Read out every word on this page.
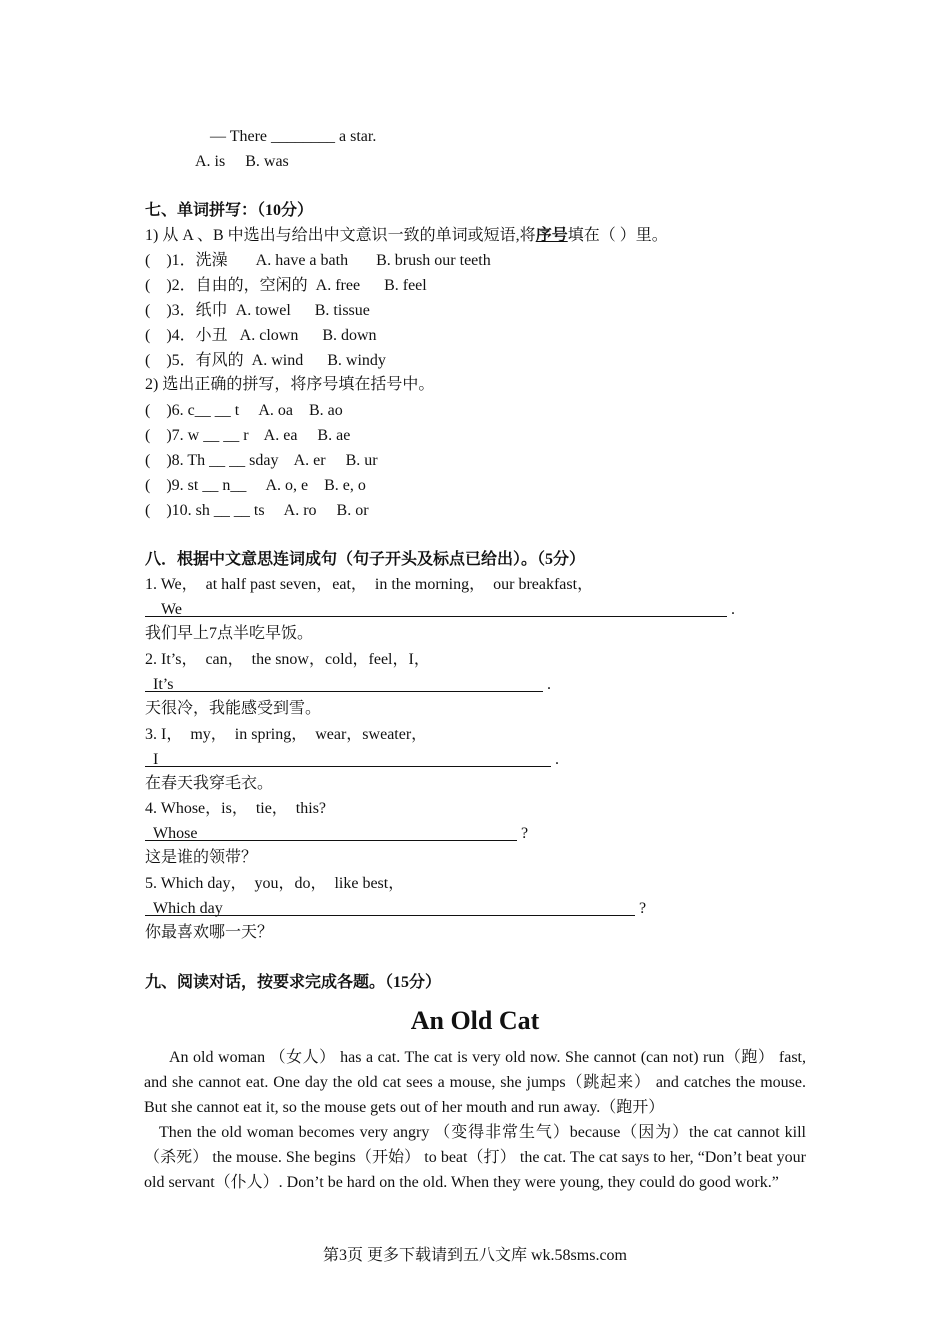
— There ________ a star.
A. is     B. was
七、单词拼写：（10分）
1) 从 A 、B 中选出与给出中文意识一致的单词或短语,将序号填在（ ）里。
(    )1．洗澡       A. have a bath       B. brush our teeth
(    )2．自由的，空闲的  A. free      B. feel
(    )3．纸巾  A. towel      B. tissue
(    )4．小丑   A. clown      B. down
(    )5．有风的  A. wind      B. windy
2) 选出正确的拼写，将序号填在括号中。
(    )6. c__ __ t     A. oa    B. ao
(    )7. w __ __ r    A. ea     B. ae
(    )8. Th __ __ sday    A. er     B. ur
(    )9. st __ n__     A. o, e    B. e, o
(    )10. sh __ __ ts     A. ro     B. or
八．根据中文意思连词成句（句子开头及标点已给出）。（5分）
1. We，  at half past seven，eat，  in the morning，  our breakfast，
We	.
我们早上7点半吃早饭。
2. It’s，  can，  the snow，cold，feel，I，
It’s	.
天很冷，我能感受到雪。
3. I，  my，  in spring，  wear，sweater，
I	.
在春天我穿毛衣。
4. Whose，is，  tie，  this?
Whose	?
这是谁的领带？
5. Which day，  you，do，  like best，
Which day	?
你最喜欢哪一天？
九、阅读对话，按要求完成各题。（15分）
An Old Cat
An old woman （女人） has a cat. The cat is very old now. She cannot (can not) run（跑） fast, and she cannot eat. One day the old cat sees a mouse, she jumps（跳起来） and catches the mouse. But she cannot eat it, so the mouse gets out of her mouth and run away.（跑开）
Then the old woman becomes very angry （变得非常生气）because（因为）the cat cannot kill（杀死） the mouse. She begins（开始） to beat（打） the cat. The cat says to her, “Don’t beat your old servant（仆人）. Don’t be hard on the old. When they were young, they could do good work.”
第3页 更多下载请到五八文库 wk.58sms.com
